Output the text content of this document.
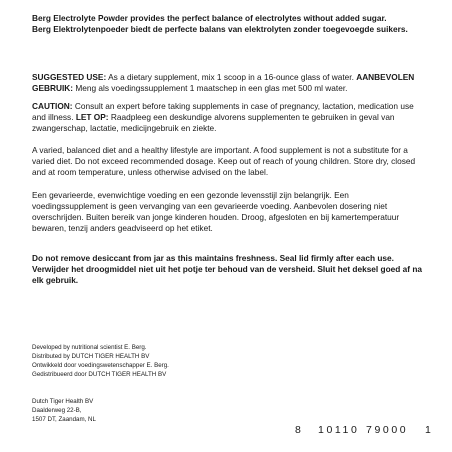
Berg Electrolyte Powder provides the perfect balance of electrolytes without added sugar.
Berg Elektrolytenpoeder biedt de perfecte balans van elektrolyten zonder toegevoegde suikers.

SUGGESTED USE: As a dietary supplement, mix 1 scoop in a 16-ounce glass of water. AANBEVOLEN GEBRUIK: Meng als voedingssupplement 1 maatschep in een glas met 500 ml water.

CAUTION: Consult an expert before taking supplements in case of pregnancy, lactation, medication use and illness. LET OP: Raadpleeg een deskundige alvorens supplementen te gebruiken in geval van zwangerschap, lactatie, medicijngebruik en ziekte.

A varied, balanced diet and a healthy lifestyle are important. A food supplement is not a substitute for a varied diet. Do not exceed recommended dosage. Keep out of reach of young children. Store dry, closed and at room temperature, unless otherwise advised on the label.

Een gevarieerde, evenwichtige voeding en een gezonde levensstijl zijn belangrijk. Een voedingssupplement is geen vervanging van een gevarieerde voeding. Aanbevolen dosering niet overschrijden. Buiten bereik van jonge kinderen houden. Droog, afgesloten en bij kamertemperatuur bewaren, tenzij anders geadviseerd op het etiket.

Do not remove desiccant from jar as this maintains freshness. Seal lid firmly after each use. Verwijder het droogmiddel niet uit het potje ter behoud van de versheid. Sluit het deksel goed af na elk gebruik.

Developed by nutritional scientist E. Berg.
Distributed by DUTCH TIGER HEALTH BV
Ontwikkeld door voedingswetenschapper E. Berg.
Gedistribueerd door DUTCH TIGER HEALTH BV
Dutch Tiger Health BV
Daalderweg 22-B,
1507 DT, Zaandam, NL
8 10110 79000 1
